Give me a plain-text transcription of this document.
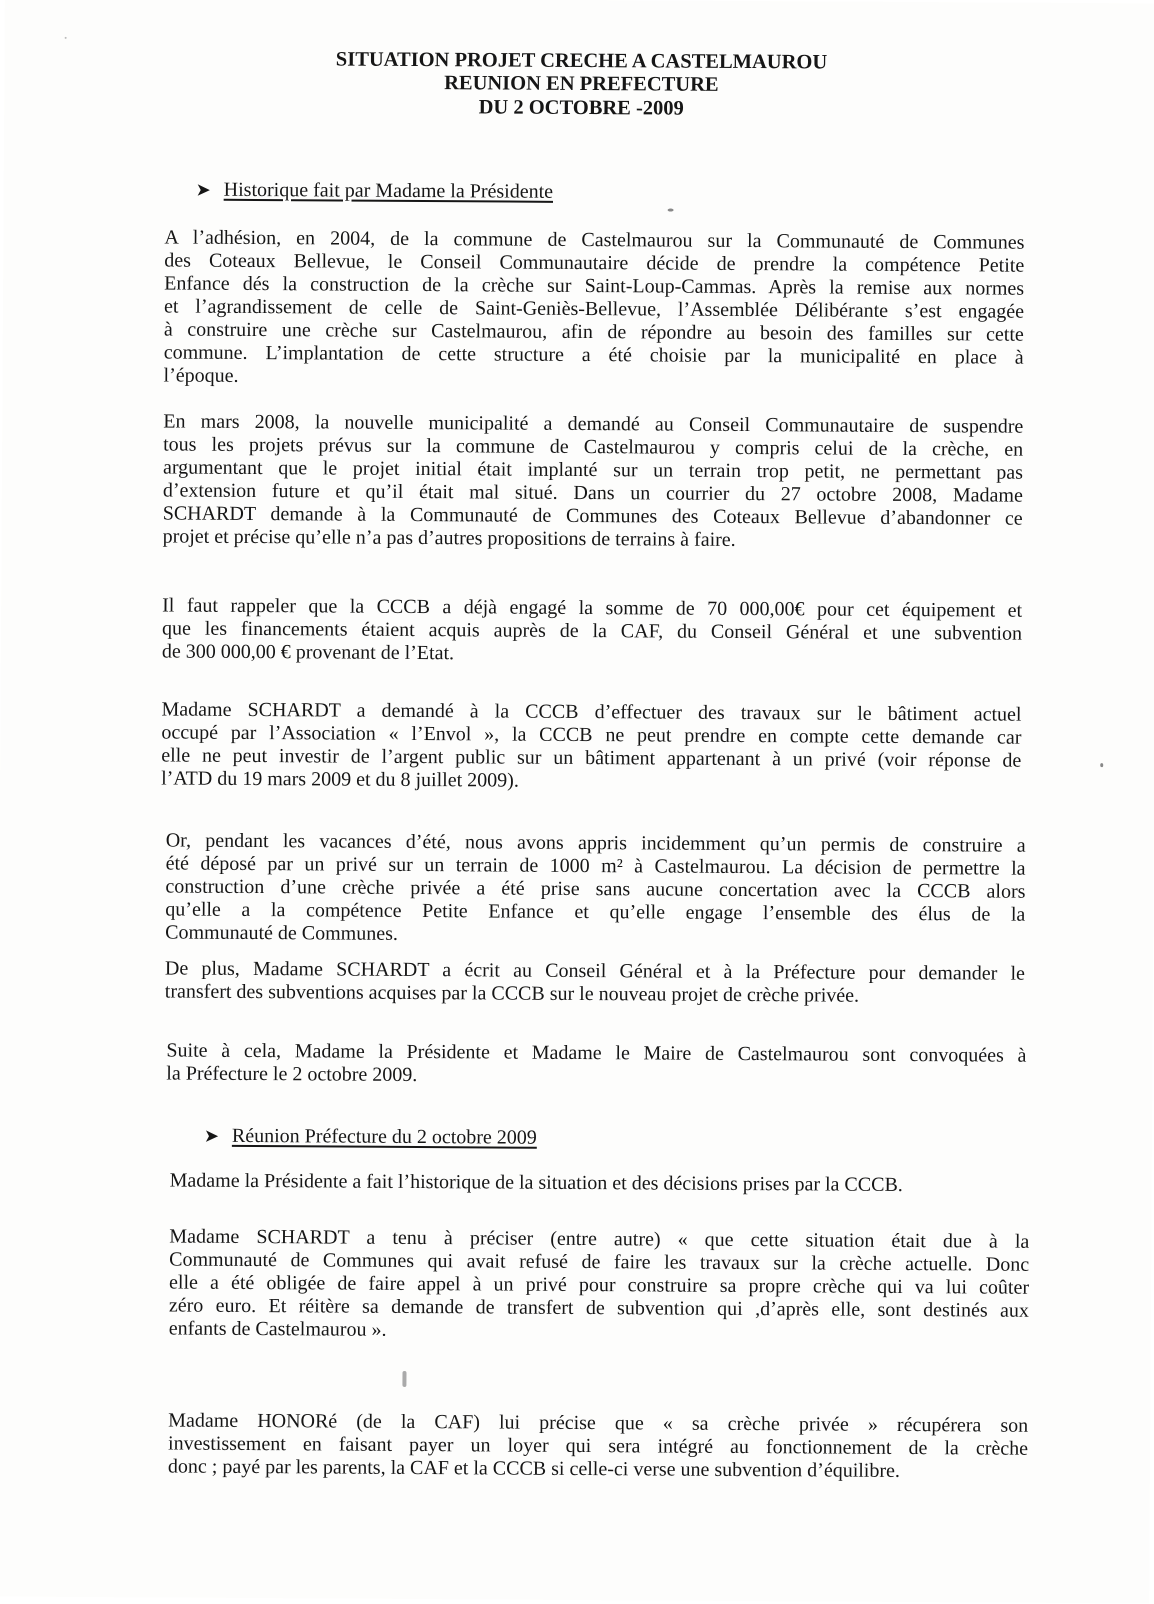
SITUATION PROJET CRECHE A CASTELMAUROU
REUNION EN PREFECTURE
DU 2 OCTOBRE -2009
➤ Historique fait par Madame la Présidente
A l’adhésion, en 2004, de la commune de Castelmaurou sur la Communauté de Communes
des Coteaux Bellevue, le Conseil Communautaire décide de prendre la compétence Petite
Enfance dés la construction de la crèche sur Saint-Loup-Cammas. Après la remise aux normes
et l’agrandissement de celle de Saint-Geniès-Bellevue, l’Assemblée Délibérante s’est engagée
à construire une crèche sur Castelmaurou, afin de répondre au besoin des familles sur cette
commune. L’implantation de cette structure a été choisie par la municipalité en place à
l’époque.
En mars 2008, la nouvelle municipalité a demandé au Conseil Communautaire de suspendre
tous les projets prévus sur la commune de Castelmaurou y compris celui de la crèche, en
argumentant que le projet initial était implanté sur un terrain trop petit, ne permettant pas
d’extension future et qu’il était mal situé. Dans un courrier du 27 octobre 2008, Madame
SCHARDT demande à la Communauté de Communes des Coteaux Bellevue d’abandonner ce
projet et précise qu’elle n’a pas d’autres propositions de terrains à faire.
Il faut rappeler que la CCCB a déjà engagé la somme de 70 000,00€ pour cet équipement et
que les financements étaient acquis auprès de la CAF, du Conseil Général et une subvention
de 300 000,00 € provenant de l’Etat.
Madame SCHARDT a demandé à la CCCB d’effectuer des travaux sur le bâtiment actuel
occupé par l’Association « l’Envol », la CCCB ne peut prendre en compte cette demande car
elle ne peut investir de l’argent public sur un bâtiment appartenant à un privé (voir réponse de
l’ATD du 19 mars 2009 et du 8 juillet 2009).
Or, pendant les vacances d’été, nous avons appris incidemment qu’un permis de construire a
été déposé par un privé sur un terrain de 1000 m² à Castelmaurou. La décision de permettre la
construction d’une crèche privée a été prise sans aucune concertation avec la CCCB alors
qu’elle a la compétence Petite Enfance et qu’elle engage l’ensemble des élus de la
Communauté de Communes.
De plus, Madame SCHARDT a écrit au Conseil Général et à la Préfecture pour demander le
transfert des subventions acquises par la CCCB sur le nouveau projet de crèche privée.
Suite à cela, Madame la Présidente et Madame le Maire de Castelmaurou sont convoquées à
la Préfecture le 2 octobre 2009.
➤ Réunion Préfecture du 2 octobre 2009
Madame la Présidente a fait l’historique de la situation et des décisions prises par la CCCB.
Madame SCHARDT a tenu à préciser (entre autre) « que cette situation était due à la
Communauté de Communes qui avait refusé de faire les travaux sur la crèche actuelle. Donc
elle a été obligée de faire appel à un privé pour construire sa propre crèche qui va lui coûter
zéro euro. Et réitère sa demande de transfert de subvention qui ,d’après elle, sont destinés aux
enfants de Castelmaurou ».
Madame HONORé (de la CAF) lui précise que « sa crèche privée » récupérera son
investissement en faisant payer un loyer qui sera intégré au fonctionnement de la crèche
donc ; payé par les parents, la CAF et la CCCB si celle-ci verse une subvention d’équilibre.
